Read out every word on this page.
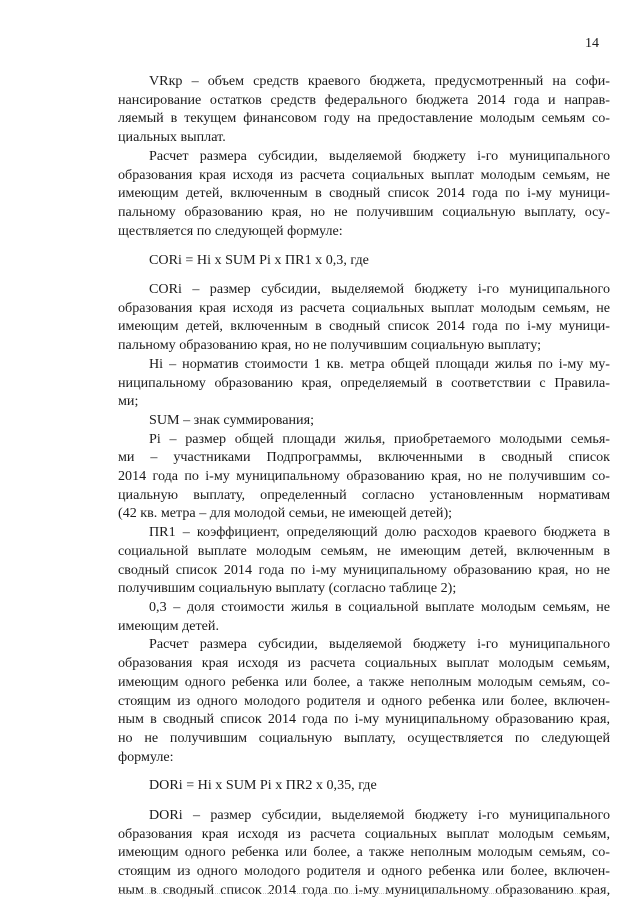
14
VRкр – объем средств краевого бюджета, предусмотренный на софи-
нансирование остатков средств федерального бюджета 2014 года и направ-
ляемый в текущем финансовом году на предоставление молодым семьям со-
циальных выплат.
Расчет размера субсидии, выделяемой бюджету i-го муниципального
образования края исходя из расчета социальных выплат молодым семьям, не
имеющим детей, включенным в сводный список 2014 года по i-му муници-
пальному образованию края, но не получившим социальную выплату, осу-
ществляется по следующей формуле:
CORi = Hi x SUM Pi x ПR1 x 0,3, где
CORi – размер субсидии, выделяемой бюджету i-го муниципального
образования края исходя из расчета социальных выплат молодым семьям, не
имеющим детей, включенным в сводный список 2014 года по i-му муници-
пальному образованию края, но не получившим социальную выплату;
Hi – норматив стоимости 1 кв. метра общей площади жилья по i-му му-
ниципальному образованию края, определяемый в соответствии с Правила-
ми;
SUM – знак суммирования;
Pi – размер общей площади жилья, приобретаемого молодыми семья-
ми – участниками Подпрограммы, включенными в сводный список
2014 года по i-му муниципальному образованию края, но не получившим со-
циальную выплату, определенный согласно установленным нормативам
(42 кв. метра – для молодой семьи, не имеющей детей);
ПR1 – коэффициент, определяющий долю расходов краевого бюджета в
социальной выплате молодым семьям, не имеющим детей, включенным в
сводный список 2014 года по i-му муниципальному образованию края, но не
получившим социальную выплату (согласно таблице 2);
0,3 – доля стоимости жилья в социальной выплате молодым семьям, не
имеющим детей.
Расчет размера субсидии, выделяемой бюджету i-го муниципального
образования края исходя из расчета социальных выплат молодым семьям,
имеющим одного ребенка или более, а также неполным молодым семьям, со-
стоящим из одного молодого родителя и одного ребенка или более, включен-
ным в сводный список 2014 года по i-му муниципальному образованию края,
но не получившим социальную выплату, осуществляется по следующей
формуле:
DORi = Hi x SUM Pi x ПR2 x 0,35, где
DORi – размер субсидии, выделяемой бюджету i-го муниципального
образования края исходя из расчета социальных выплат молодым семьям,
имеющим одного ребенка или более, а также неполным молодым семьям, со-
стоящим из одного молодого родителя и одного ребенка или более, включен-
ным в сводный список 2014 года по i-му муниципальному образованию края,
